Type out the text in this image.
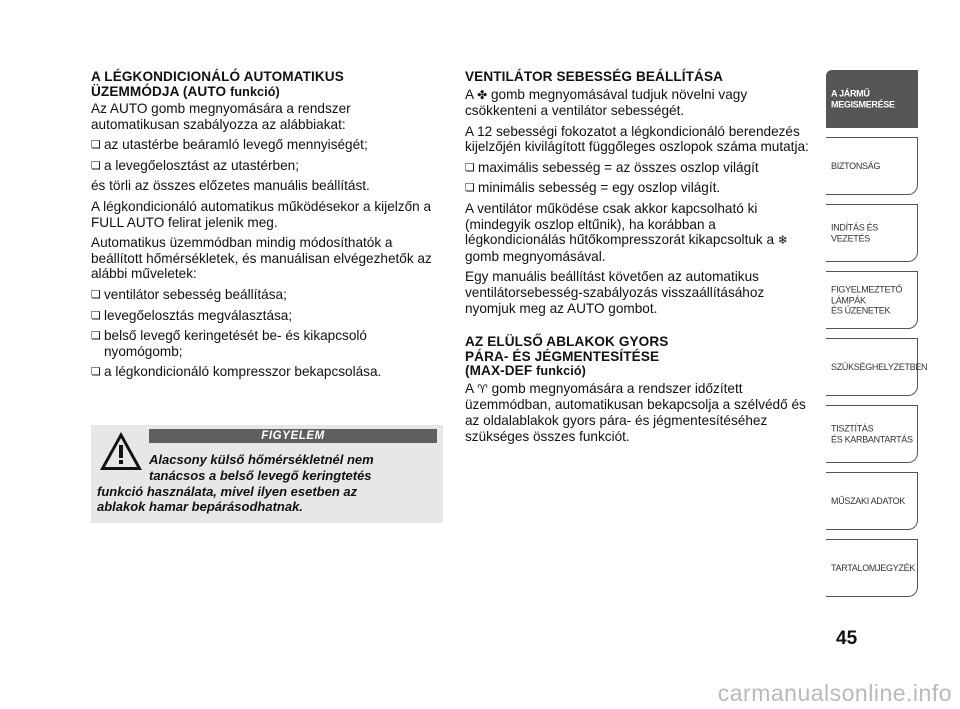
A LÉGKONDICIONÁLÓ AUTOMATIKUS
ÜZEMMÓDJA (AUTO funkció)

Az AUTO gomb megnyomására a rendszer automatikusan szabályozza az alábbiakat:

❏ az utastérbe beáramló levegő mennyiségét;

❏ a levegőelosztást az utastérben;

és törli az összes előzetes manuális beállítást.

A légkondicionáló automatikus működésekor a kijelzőn a FULL AUTO felirat jelenik meg.

Automatikus üzemmódban mindig módosíthatók a beállított hőmérsékletek, és manuálisan elvégezhetők az alábbi műveletek:

❏ ventilátor sebesség beállítása;

❏ levegőelosztás megválasztása;

❏ belső levegő keringetését be- és kikapcsoló nyomógomb;

❏ a légkondicionáló kompresszor bekapcsolása.

FIGYELEM
Alacsony külső hőmérsékletnél nem
tanácsos a belső levegő keringtetés
funkció használata, mivel ilyen esetben az
ablakok hamar bepárásodhatnak.
VENTILÁTOR SEBESSÉG BEÁLLÍTÁSA

A ✤ gomb megnyomásával tudjuk növelni vagy csökkenteni a ventilátor sebességét.

A 12 sebességi fokozatot a légkondicionáló berendezés kijelzőjén kivilágított függőleges oszlopok száma mutatja:

❏ maximális sebesség = az összes oszlop világít

❏ minimális sebesség = egy oszlop világít.

A ventilátor működése csak akkor kapcsolható ki (mindegyik oszlop eltűnik), ha korábban a légkondicionálás hűtőkompresszorát kikapcsoltuk a ❄ gomb megnyomásával.

Egy manuális beállítást követően az automatikus ventilátorsebesség-szabályozás visszaállításához nyomjuk meg az AUTO gombot.

AZ ELÜLSŐ ABLAKOK GYORS
PÁRA- ÉS JÉGMENTESÍTÉSE
(MAX-DEF funkció)

A ♈ gomb megnyomására a rendszer időzített üzemmódban, automatikusan bekapcsolja a szélvédő és az oldalablakok gyors pára- és jégmentesítéséhez szükséges összes funkciót.

A JÁRMŰ
MEGISMERÉSE
BIZTONSÁG
INDÍTÁS ÉS VEZETÉS
FIGYELMEZTETŐ
LÁMPÁK
ÉS ÜZENETEK
SZÜKSÉGHELYZETBEN
TISZTÍTÁS
ÉS KARBANTARTÁS
MŰSZAKI ADATOK
TARTALOMJEGYZÉK
45
carmanualsonline.info
